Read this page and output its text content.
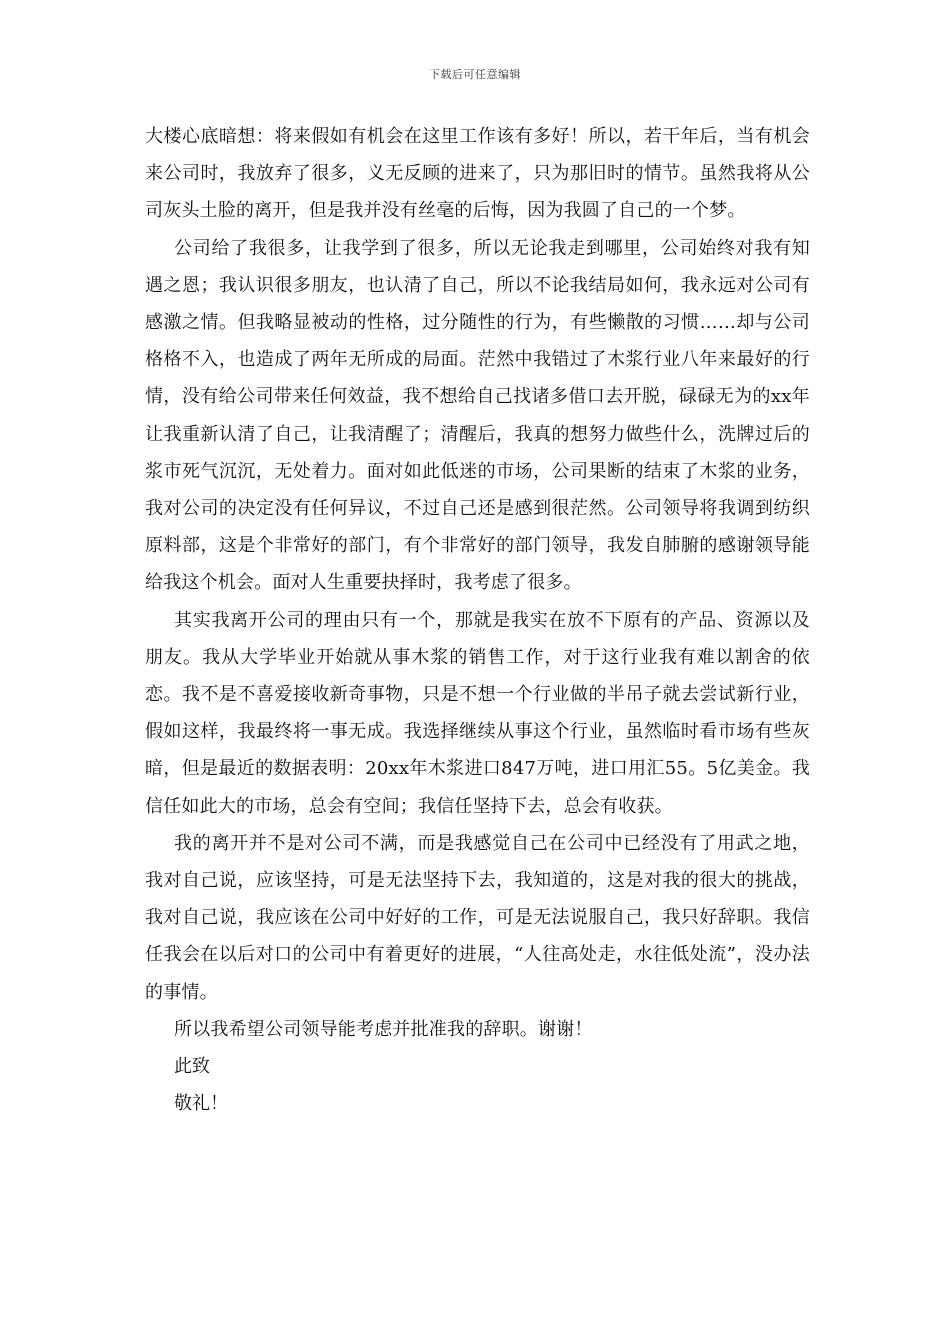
下载后可任意编辑

大楼心底暗想：将来假如有机会在这里工作该有多好！所以，若干年后，当有机会来公司时，我放弃了很多，义无反顾的进来了，只为那旧时的情节。虽然我将从公司灰头土脸的离开，但是我并没有丝毫的后悔，因为我圆了自己的一个梦。

公司给了我很多，让我学到了很多，所以无论我走到哪里，公司始终对我有知遇之恩；我认识很多朋友，也认清了自己，所以不论我结局如何，我永远对公司有感激之情。但我略显被动的性格，过分随性的行为，有些懒散的习惯……却与公司格格不入，也造成了两年无所成的局面。茫然中我错过了木浆行业八年来最好的行情，没有给公司带来任何效益，我不想给自己找诸多借口去开脱，碌碌无为的xx年让我重新认清了自己，让我清醒了；清醒后，我真的想努力做些什么，洗牌过后的浆市死气沉沉，无处着力。面对如此低迷的市场，公司果断的结束了木浆的业务，我对公司的决定没有任何异议，不过自己还是感到很茫然。公司领导将我调到纺织原料部，这是个非常好的部门，有个非常好的部门领导，我发自肺腑的感谢领导能给我这个机会。面对人生重要抉择时，我考虑了很多。

其实我离开公司的理由只有一个，那就是我实在放不下原有的产品、资源以及朋友。我从大学毕业开始就从事木浆的销售工作，对于这行业我有难以割舍的依恋。我不是不喜爱接收新奇事物，只是不想一个行业做的半吊子就去尝试新行业，假如这样，我最终将一事无成。我选择继续从事这个行业，虽然临时看市场有些灰暗，但是最近的数据表明：20xx年木浆进口847万吨，进口用汇55。5亿美金。我信任如此大的市场，总会有空间；我信任坚持下去，总会有收获。

我的离开并不是对公司不满，而是我感觉自己在公司中已经没有了用武之地，我对自己说，应该坚持，可是无法坚持下去，我知道的，这是对我的很大的挑战，我对自己说，我应该在公司中好好的工作，可是无法说服自己，我只好辞职。我信任我会在以后对口的公司中有着更好的进展，“人往高处走，水往低处流”，没办法的事情。

所以我希望公司领导能考虑并批准我的辞职。谢谢！

此致

敬礼！
